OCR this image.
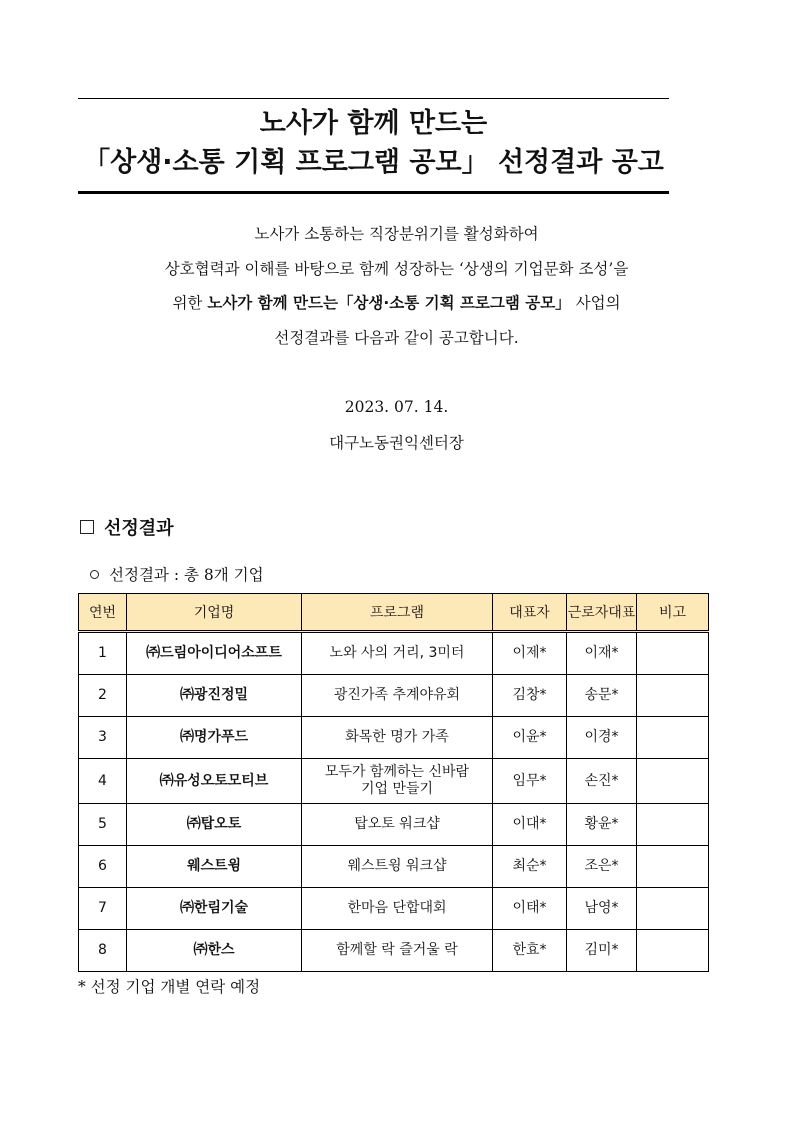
노사가 함께 만드는
「상생·소통 기획 프로그램 공모」 선정결과 공고

노사가 소통하는 직장분위기를 활성화하여

상호협력과 이해를 바탕으로 함께 성장하는 ‘상생의 기업문화 조성’을

위한 노사가 함께 만드는「상생·소통 기획 프로그램 공모」 사업의

선정결과를 다음과 같이 공고합니다.

2023. 07. 14.
대구노동권익센터장
선정결과
선정결과 : 총 8개 기업
연번	기업명	프로그램	대표자	근로자대표	비고
1	㈜드림아이디어소프트	노와 사의 거리, 3미터	이제*	이재*	
2	㈜광진정밀	광진가족 추계야유회	김창*	송문*	
3	㈜명가푸드	화목한 명가 가족	이윤*	이경*	
4	㈜유성오토모티브	모두가 함께하는 신바람
기업 만들기	임무*	손진*	
5	㈜탑오토	탑오토 워크샵	이대*	황윤*	
6	웨스트윙	웨스트윙 워크샵	최순*	조은*	
7	㈜한림기술	한마음 단합대회	이태*	남영*	
8	㈜한스	함께할 락 즐거울 락	한효*	김미*	
* 선정 기업 개별 연락 예정
